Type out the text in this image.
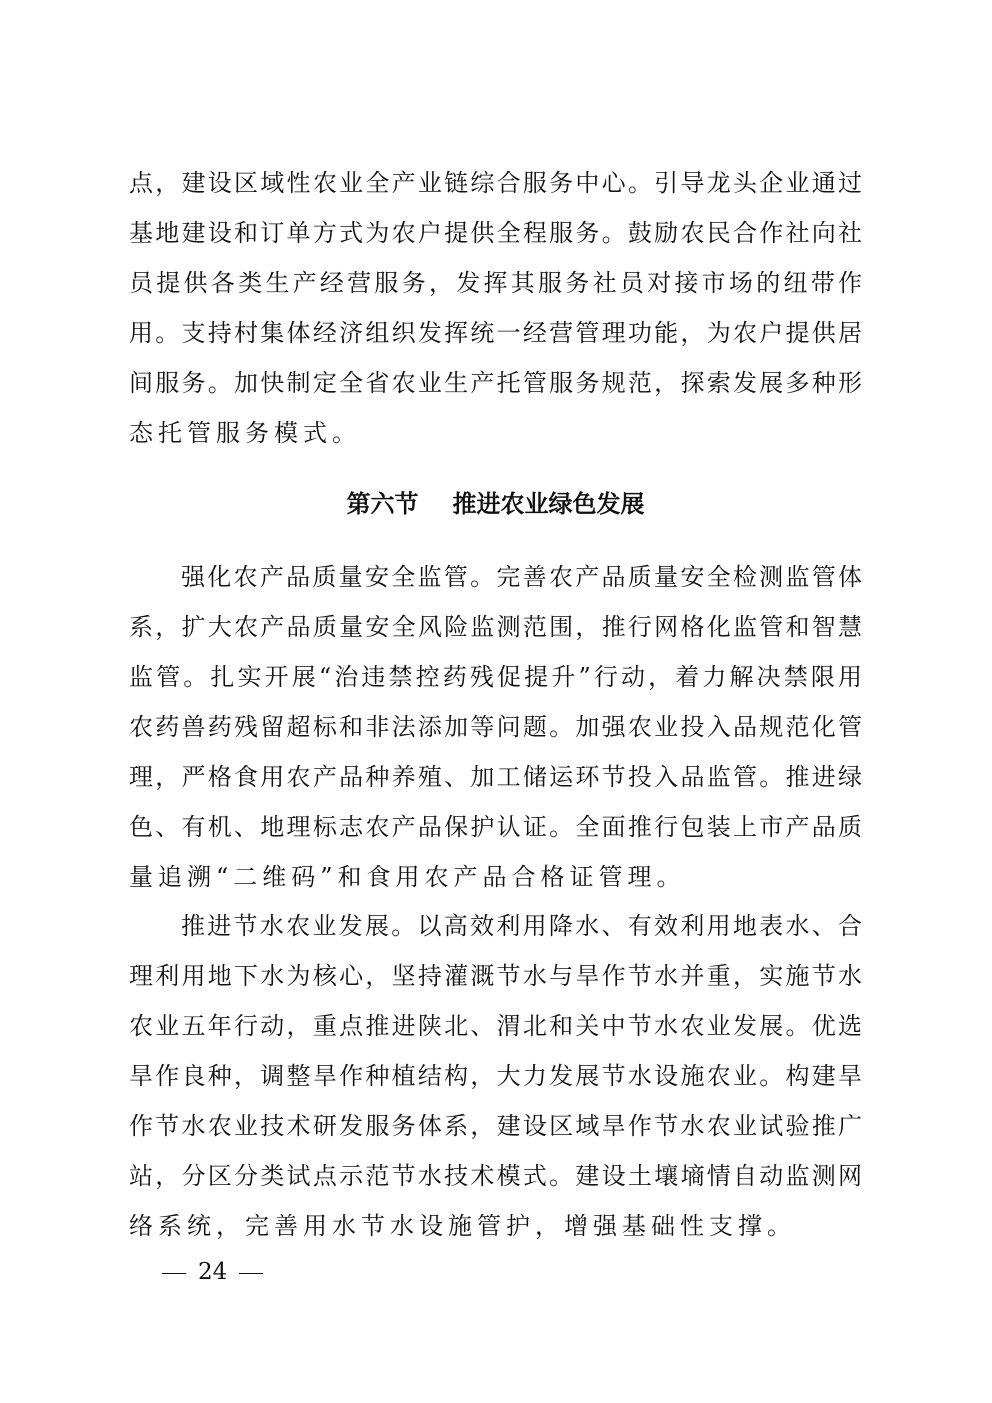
点，建设区域性农业全产业链综合服务中心。引导龙头企业通过
基地建设和订单方式为农户提供全程服务。鼓励农民合作社向社
员提供各类生产经营服务，发挥其服务社员对接市场的纽带作
用。支持村集体经济组织发挥统一经营管理功能，为农户提供居
间服务。加快制定全省农业生产托管服务规范，探索发展多种形
态托管服务模式。
第六节 推进农业绿色发展
强化农产品质量安全监管。完善农产品质量安全检测监管体
系，扩大农产品质量安全风险监测范围，推行网格化监管和智慧
监管。扎实开展“治违禁控药残促提升”行动，着力解决禁限用
农药兽药残留超标和非法添加等问题。加强农业投入品规范化管
理，严格食用农产品种养殖、加工储运环节投入品监管。推进绿
色、有机、地理标志农产品保护认证。全面推行包装上市产品质
量追溯“二维码”和食用农产品合格证管理。
推进节水农业发展。以高效利用降水、有效利用地表水、合
理利用地下水为核心，坚持灌溉节水与旱作节水并重，实施节水
农业五年行动，重点推进陕北、渭北和关中节水农业发展。优选
旱作良种，调整旱作种植结构，大力发展节水设施农业。构建旱
作节水农业技术研发服务体系，建设区域旱作节水农业试验推广
站，分区分类试点示范节水技术模式。建设土壤墒情自动监测网
络系统，完善用水节水设施管护，增强基础性支撑。
24
